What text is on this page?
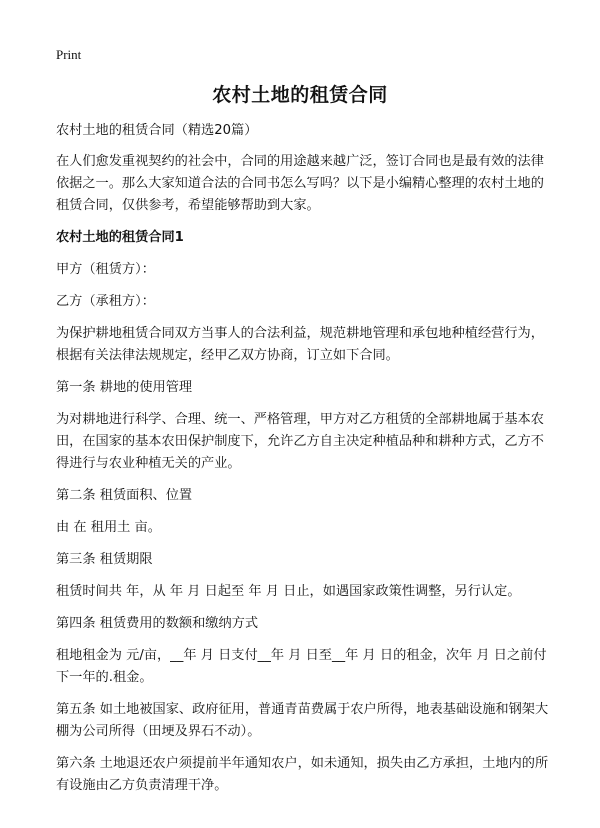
Print
农村土地的租赁合同

农村土地的租赁合同（精选20篇）

在人们愈发重视契约的社会中，合同的用途越来越广泛，签订合同也是最有效的法律依据之一。那么大家知道合法的合同书怎么写吗？以下是小编精心整理的农村土地的租赁合同，仅供参考，希望能够帮助到大家。

农村土地的租赁合同1

甲方（租赁方）：

乙方（承租方）：

为保护耕地租赁合同双方当事人的合法利益，规范耕地管理和承包地种植经营行为，根据有关法律法规规定，经甲乙双方协商，订立如下合同。

第一条 耕地的使用管理

为对耕地进行科学、合理、统一、严格管理，甲方对乙方租赁的全部耕地属于基本农田，在国家的基本农田保护制度下，允许乙方自主决定种植品种和耕种方式，乙方不得进行与农业种植无关的产业。

第二条 租赁面积、位置

由 在 租用土 亩。

第三条 租赁期限

租赁时间共 年，从 年 月 日起至 年 月 日止，如遇国家政策性调整，另行认定。

第四条 租赁费用的数额和缴纳方式

租地租金为 元/亩，__年 月 日支付__年 月 日至__年 月 日的租金，次年 月 日之前付下一年的.租金。

第五条 如土地被国家、政府征用，普通青苗费属于农户所得，地表基础设施和钢架大棚为公司所得（田埂及界石不动）。

第六条 土地退还农户须提前半年通知农户，如未通知，损失由乙方承担，土地内的所有设施由乙方负责清理干净。
